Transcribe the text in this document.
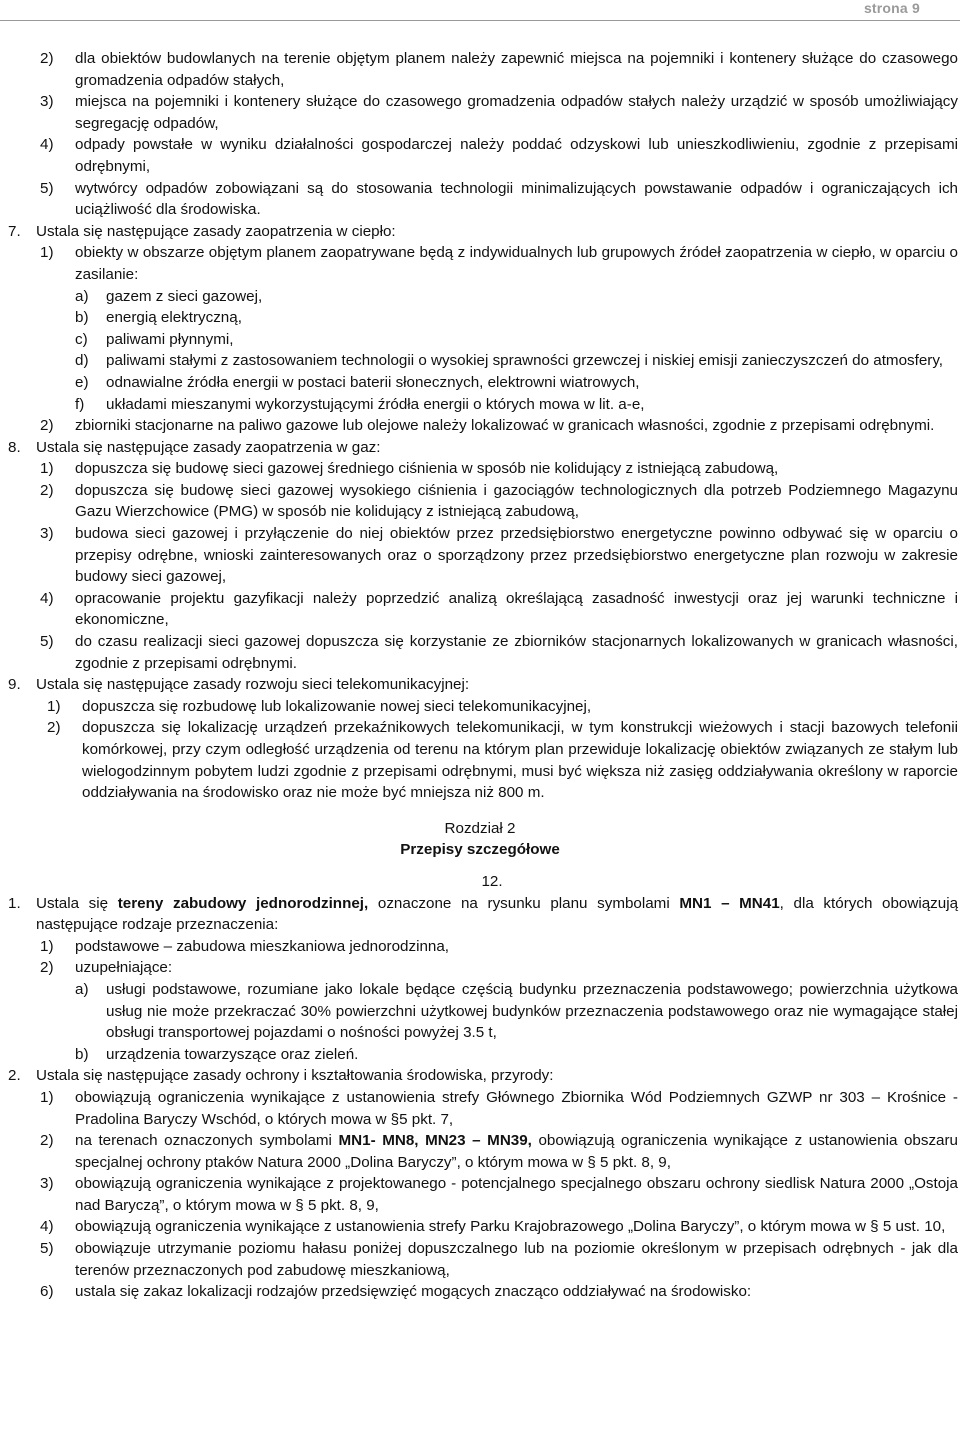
strona 9
2) dla obiektów budowlanych na terenie objętym planem należy zapewnić miejsca na pojemniki i kontenery służące do czasowego gromadzenia odpadów stałych,
3) miejsca na pojemniki i kontenery służące do czasowego gromadzenia odpadów stałych należy urządzić w sposób umożliwiający segregację odpadów,
4) odpady powstałe w wyniku działalności gospodarczej należy poddać odzyskowi lub unieszkodliwieniu, zgodnie z przepisami odrębnymi,
5) wytwórcy odpadów zobowiązani są do stosowania technologii minimalizujących powstawanie odpadów i ograniczających ich uciążliwość dla środowiska.
7. Ustala się następujące zasady zaopatrzenia w ciepło:
1) obiekty w obszarze objętym planem zaopatrywane będą z indywidualnych lub grupowych źródeł zaopatrzenia w ciepło, w oparciu o zasilanie:
a) gazem z sieci gazowej,
b) energią elektryczną,
c) paliwami płynnymi,
d) paliwami stałymi z zastosowaniem technologii o wysokiej sprawności grzewczej i niskiej emisji zanieczyszczeń do atmosfery,
e) odnawialne źródła energii w postaci baterii słonecznych, elektrowni wiatrowych,
f) układami mieszanymi wykorzystującymi źródła energii o których mowa w lit. a-e,
2) zbiorniki stacjonarne na paliwo gazowe lub olejowe należy lokalizować w granicach własności, zgodnie z przepisami odrębnymi.
8. Ustala się następujące zasady zaopatrzenia w gaz:
1) dopuszcza się budowę sieci gazowej średniego ciśnienia w sposób nie kolidujący z istniejącą zabudową,
2) dopuszcza się budowę sieci gazowej wysokiego ciśnienia i gazociągów technologicznych dla potrzeb Podziemnego Magazynu Gazu Wierzchowice (PMG) w sposób nie kolidujący z istniejącą zabudową,
3) budowa sieci gazowej i przyłączenie do niej obiektów przez przedsiębiorstwo energetyczne powinno odbywać się w oparciu o przepisy odrębne, wnioski zainteresowanych oraz o sporządzony przez przedsiębiorstwo energetyczne plan rozwoju w zakresie budowy sieci gazowej,
4) opracowanie projektu gazyfikacji należy poprzedzić analizą określającą zasadność inwestycji oraz jej warunki techniczne i ekonomiczne,
5) do czasu realizacji sieci gazowej dopuszcza się korzystanie ze zbiorników stacjonarnych lokalizowanych w granicach własności, zgodnie z przepisami odrębnymi.
9. Ustala się następujące zasady rozwoju sieci telekomunikacyjnej:
1) dopuszcza się rozbudowę lub lokalizowanie nowej sieci telekomunikacyjnej,
2) dopuszcza się lokalizację urządzeń przekaźnikowych telekomunikacji, w tym konstrukcji wieżowych i stacji bazowych telefonii komórkowej, przy czym odległość urządzenia od terenu na którym plan przewiduje lokalizację obiektów związanych ze stałym lub wielogodzinnym pobytem ludzi zgodnie z przepisami odrębnymi, musi być większa niż zasięg oddziaływania określony w raporcie oddziaływania na środowisko oraz nie może być mniejsza niż 800 m.
Rozdział 2
Przepisy szczegółowe
12.
1. Ustala się tereny zabudowy jednorodzinnej, oznaczone na rysunku planu symbolami MN1 – MN41, dla których obowiązują następujące rodzaje przeznaczenia:
1) podstawowe – zabudowa mieszkaniowa jednorodzinna,
2) uzupełniające:
a) usługi podstawowe, rozumiane jako lokale będące częścią budynku przeznaczenia podstawowego; powierzchnia użytkowa usług nie może przekraczać 30% powierzchni użytkowej budynków przeznaczenia podstawowego oraz nie wymagające stałej obsługi transportowej pojazdami o nośności powyżej 3.5 t,
b) urządzenia towarzyszące oraz zieleń.
2. Ustala się następujące zasady ochrony i kształtowania środowiska, przyrody:
1) obowiązują ograniczenia wynikające z ustanowienia strefy Głównego Zbiornika Wód Podziemnych GZWP nr 303 – Krośnice - Pradolina Baryczy Wschód, o których mowa w §5 pkt. 7,
2) na terenach oznaczonych symbolami MN1- MN8, MN23 – MN39, obowiązują ograniczenia wynikające z ustanowienia obszaru specjalnej ochrony ptaków Natura 2000 „Dolina Baryczy”, o którym mowa w § 5 pkt. 8, 9,
3) obowiązują ograniczenia wynikające z projektowanego - potencjalnego specjalnego obszaru ochrony siedlisk Natura 2000 „Ostoja nad Baryczą”, o którym mowa w § 5 pkt. 8, 9,
4) obowiązują ograniczenia wynikające z ustanowienia strefy Parku Krajobrazowego „Dolina Baryczy”, o którym mowa w § 5 ust. 10,
5) obowiązuje utrzymanie poziomu hałasu poniżej dopuszczalnego lub na poziomie określonym w przepisach odrębnych - jak dla terenów przeznaczonych pod zabudowę mieszkaniową,
6) ustala się zakaz lokalizacji rodzajów przedsięwzięć mogących znacząco oddziaływać na środowisko:
